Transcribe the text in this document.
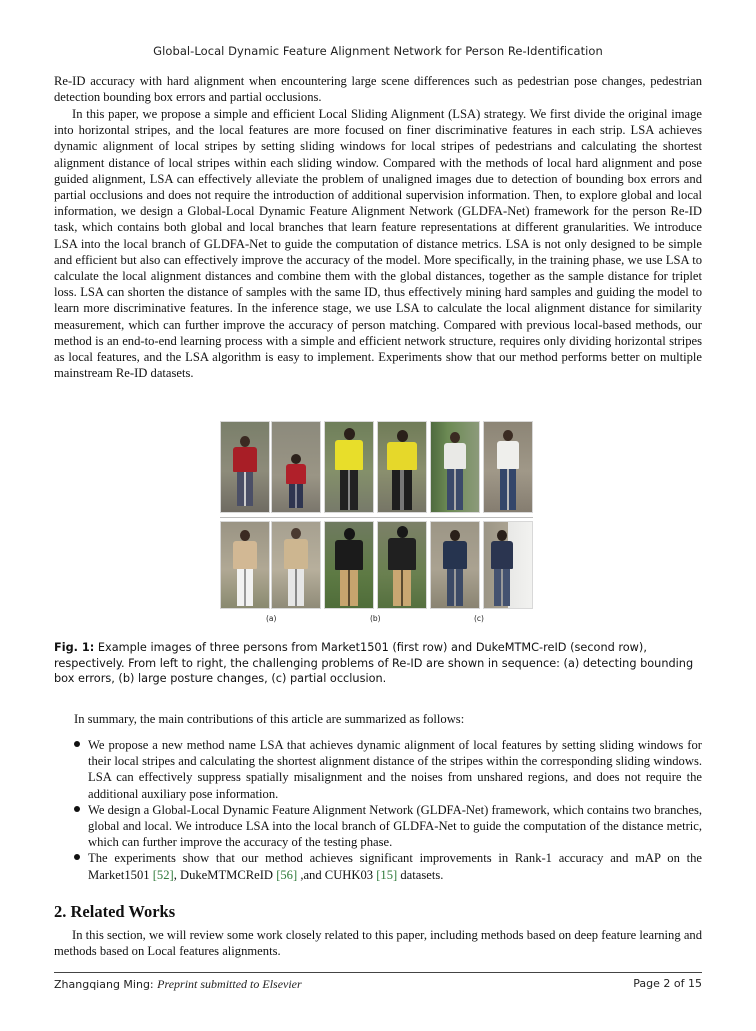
Global-Local Dynamic Feature Alignment Network for Person Re-Identification

Re-ID accuracy with hard alignment when encountering large scene differences such as pedestrian pose changes, pedestrian detection bounding box errors and partial occlusions.

In this paper, we propose a simple and efficient Local Sliding Alignment (LSA) strategy. We first divide the original image into horizontal stripes, and the local features are more focused on finer discriminative features in each strip. LSA achieves dynamic alignment of local stripes by setting sliding windows for local stripes of pedestrians and calculating the shortest alignment distance of local stripes within each sliding window. Compared with the methods of local hard alignment and pose guided alignment, LSA can effectively alleviate the problem of unaligned images due to detection of bounding box errors and partial occlusions and does not require the introduction of additional supervision information. Then, to explore global and local information, we design a Global-Local Dynamic Feature Alignment Network (GLDFA-Net) framework for the person Re-ID task, which contains both global and local branches that learn feature representations at different granularities. We introduce LSA into the local branch of GLDFA-Net to guide the computation of distance metrics. LSA is not only designed to be simple and efficient but also can effectively improve the accuracy of the model. More specifically, in the training phase, we use LSA to calculate the local alignment distances and combine them with the global distances, together as the sample distance for triplet loss. LSA can shorten the distance of samples with the same ID, thus effectively mining hard samples and guiding the model to learn more discriminative features. In the inference stage, we use LSA to calculate the local alignment distance for similarity measurement, which can further improve the accuracy of person matching. Compared with previous local-based methods, our method is an end-to-end learning process with a simple and efficient network structure, requires only dividing horizontal stripes as local features, and the LSA algorithm is easy to implement. Experiments show that our method performs better on multiple mainstream Re-ID datasets.

(a)	(b)	(c)

Fig. 1: Example images of three persons from Market1501 (first row) and DukeMTMC-reID (second row), respectively. From left to right, the challenging problems of Re-ID are shown in sequence: (a) detecting bounding box errors, (b) large posture changes, (c) partial occlusion.

In summary, the main contributions of this article are summarized as follows:

We propose a new method name LSA that achieves dynamic alignment of local features by setting sliding windows for their local stripes and calculating the shortest alignment distance of the stripes within the corresponding sliding windows. LSA can effectively suppress spatially misalignment and the noises from unshared regions, and does not require the additional auxiliary pose information.
We design a Global-Local Dynamic Feature Alignment Network (GLDFA-Net) framework, which contains two branches, global and local. We introduce LSA into the local branch of GLDFA-Net to guide the computation of the distance metric, which can further improve the accuracy of the testing phase.
The experiments show that our method achieves significant improvements in Rank-1 accuracy and mAP on the Market1501 [52], DukeMTMCReID [56] ,and CUHK03 [15] datasets.
2. Related Works

In this section, we will review some work closely related to this paper, including methods based on deep feature learning and methods based on Local features alignments.

Zhangqiang Ming: Preprint submitted to Elsevier	Page 2 of 15
